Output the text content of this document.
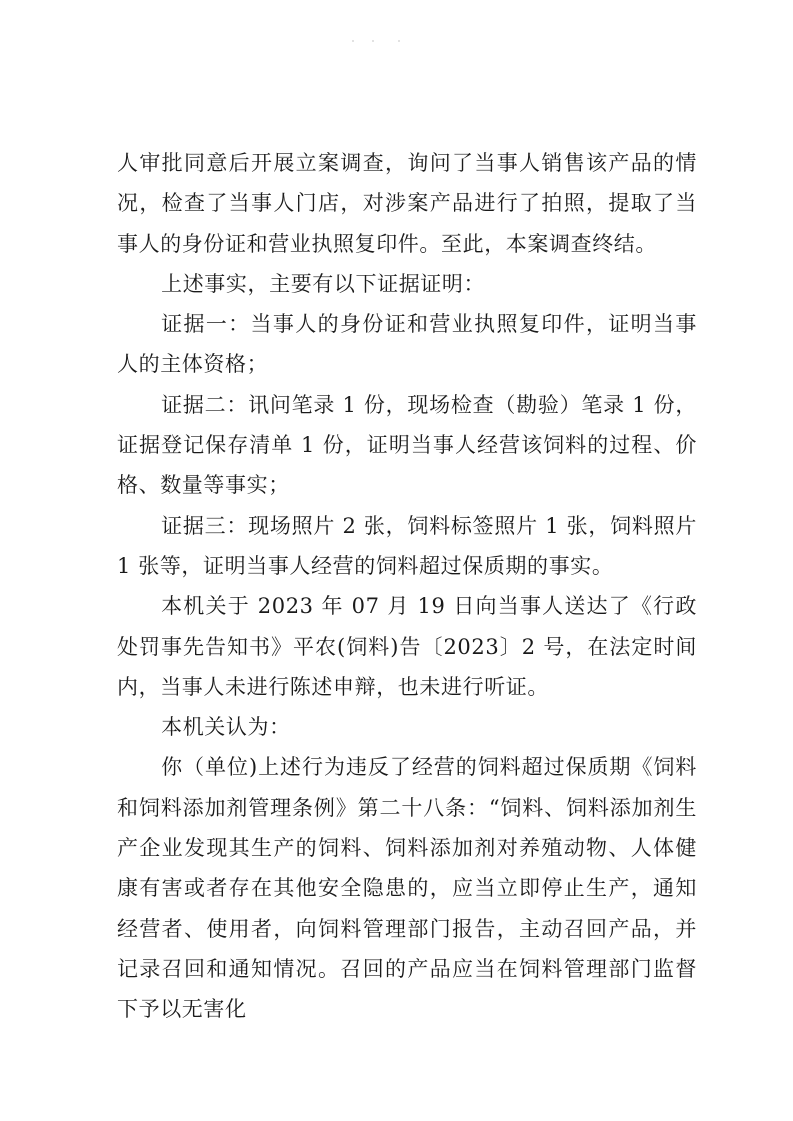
人审批同意后开展立案调查，询问了当事人销售该产品的情况，检查了当事人门店，对涉案产品进行了拍照，提取了当事人的身份证和营业执照复印件。至此，本案调查终结。

上述事实，主要有以下证据证明：

证据一：当事人的身份证和营业执照复印件，证明当事人的主体资格；

证据二：讯问笔录 1 份，现场检查（勘验）笔录 1 份，证据登记保存清单 1 份，证明当事人经营该饲料的过程、价格、数量等事实；

证据三：现场照片 2 张，饲料标签照片 1 张，饲料照片 1 张等，证明当事人经营的饲料超过保质期的事实。

本机关于 2023 年 07 月 19 日向当事人送达了《行政处罚事先告知书》平农(饲料)告〔2023〕2 号，在法定时间内，当事人未进行陈述申辩，也未进行听证。

本机关认为：

你（单位)上述行为违反了经营的饲料超过保质期《饲料和饲料添加剂管理条例》第二十八条：“饲料、饲料添加剂生产企业发现其生产的饲料、饲料添加剂对养殖动物、人体健康有害或者存在其他安全隐患的，应当立即停止生产，通知经营者、使用者，向饲料管理部门报告，主动召回产品，并记录召回和通知情况。召回的产品应当在饲料管理部门监督下予以无害化
